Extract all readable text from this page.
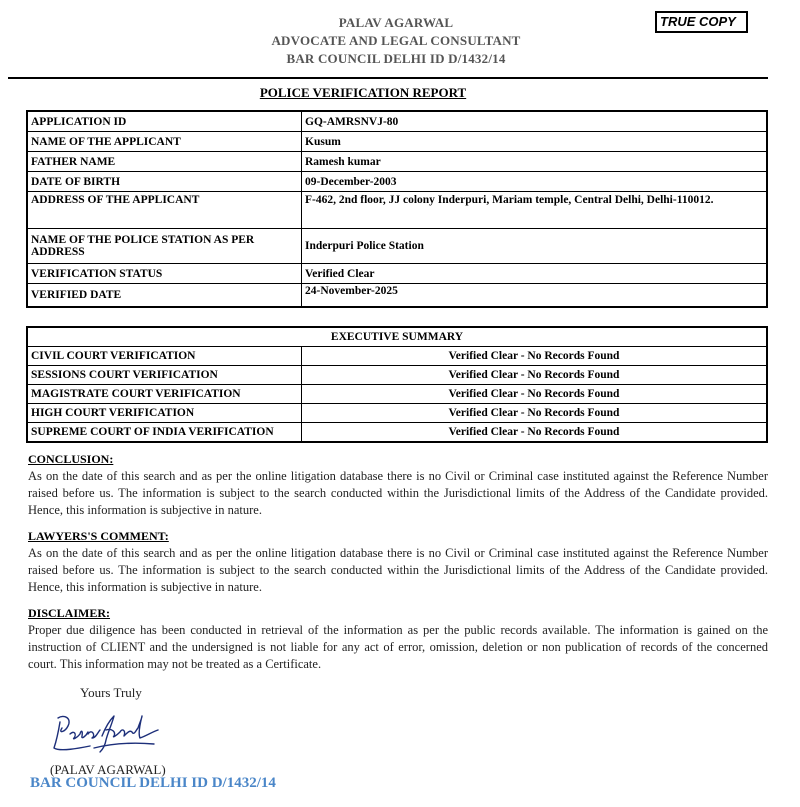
PALAV AGARWAL
ADVOCATE AND LEGAL CONSULTANT
BAR COUNCIL DELHI ID D/1432/14
TRUE COPY
POLICE VERIFICATION REPORT
APPLICATION ID	GQ-AMRSNVJ-80
NAME OF THE APPLICANT	Kusum
FATHER NAME	Ramesh kumar
DATE OF BIRTH	09-December-2003
ADDRESS OF THE APPLICANT	F-462, 2nd floor, JJ colony Inderpuri, Mariam temple, Central Delhi, Delhi-110012.
NAME OF THE POLICE STATION AS PER ADDRESS	Inderpuri Police Station
VERIFICATION STATUS	Verified Clear
VERIFIED DATE	24-November-2025
EXECUTIVE SUMMARY	
CIVIL COURT VERIFICATION	Verified Clear - No Records Found
SESSIONS COURT VERIFICATION	Verified Clear - No Records Found
MAGISTRATE COURT VERIFICATION	Verified Clear - No Records Found
HIGH COURT VERIFICATION	Verified Clear - No Records Found
SUPREME COURT OF INDIA VERIFICATION	Verified Clear - No Records Found
CONCLUSION:

As on the date of this search and as per the online litigation database there is no Civil or Criminal case instituted against the Reference Number raised before us. The information is subject to the search conducted within the Jurisdictional limits of the Address of the Candidate provided. Hence, this information is subjective in nature.

LAWYERS'S COMMENT:

As on the date of this search and as per the online litigation database there is no Civil or Criminal case instituted against the Reference Number raised before us. The information is subject to the search conducted within the Jurisdictional limits of the Address of the Candidate provided. Hence, this information is subjective in nature.

DISCLAIMER:

Proper due diligence has been conducted in retrieval of the information as per the public records available. The information is gained on the instruction of CLIENT and the undersigned is not liable for any act of error, omission, deletion or non publication of records of the concerned court. This information may not be treated as a Certificate.

Yours Truly
(PALAV AGARWAL)
BAR COUNCIL DELHI ID D/1432/14
